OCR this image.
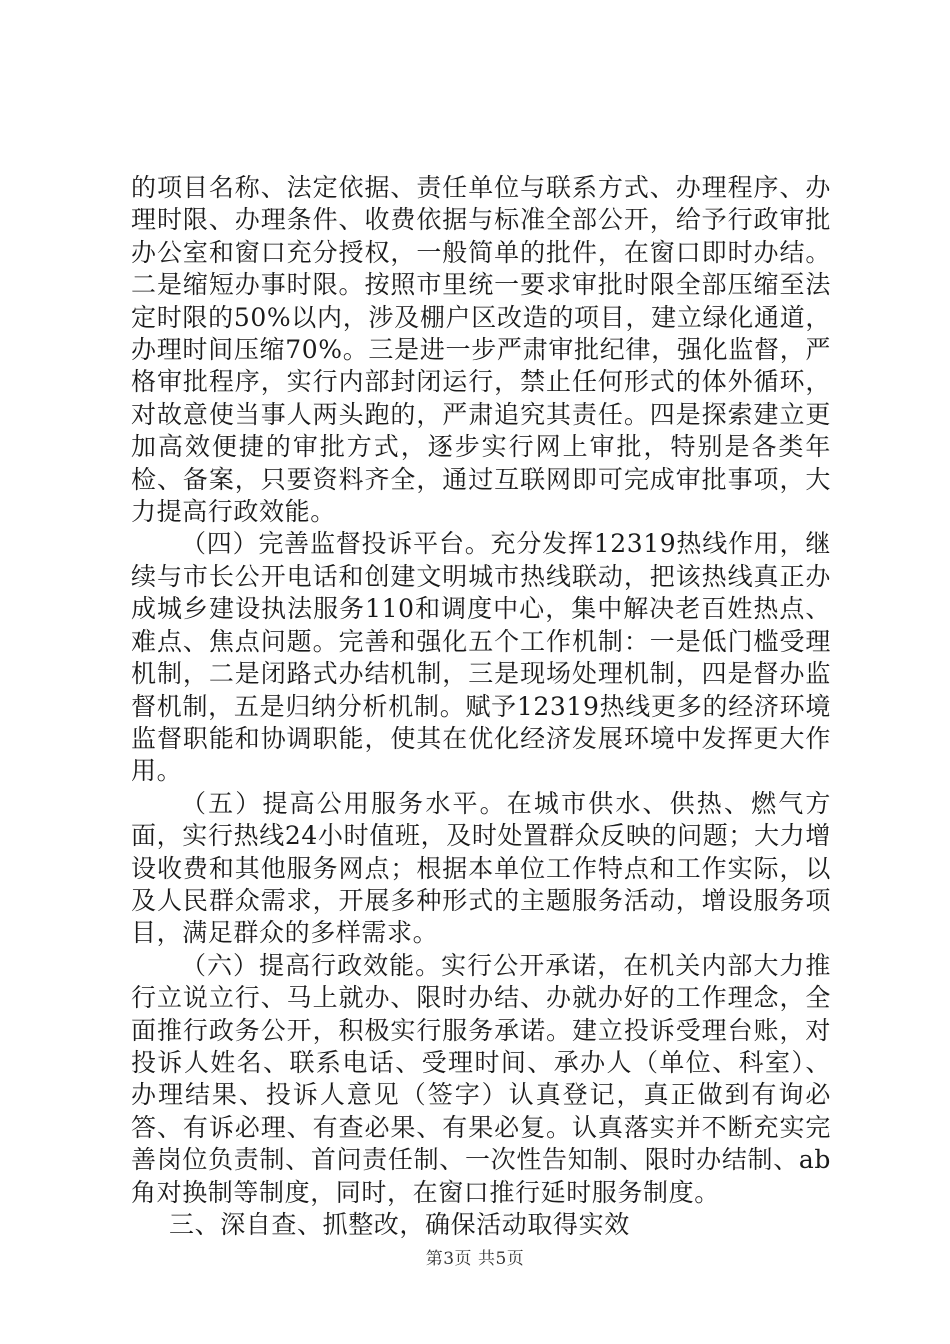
的项目名称、法定依据、责任单位与联系方式、办理程序、办理时限、办理条件、收费依据与标准全部公开，给予行政审批办公室和窗口充分授权，一般简单的批件，在窗口即时办结。二是缩短办事时限。按照市里统一要求审批时限全部压缩至法定时限的50%以内，涉及棚户区改造的项目，建立绿化通道，办理时间压缩70%。三是进一步严肃审批纪律，强化监督，严格审批程序，实行内部封闭运行，禁止任何形式的体外循环，对故意使当事人两头跑的，严肃追究其责任。四是探索建立更加高效便捷的审批方式，逐步实行网上审批，特别是各类年检、备案，只要资料齐全，通过互联网即可完成审批事项，大力提高行政效能。

（四）完善监督投诉平台。充分发挥12319热线作用，继续与市长公开电话和创建文明城市热线联动，把该热线真正办成城乡建设执法服务110和调度中心，集中解决老百姓热点、难点、焦点问题。完善和强化五个工作机制：一是低门槛受理机制，二是闭路式办结机制，三是现场处理机制，四是督办监督机制，五是归纳分析机制。赋予12319热线更多的经济环境监督职能和协调职能，使其在优化经济发展环境中发挥更大作用。

（五）提高公用服务水平。在城市供水、供热、燃气方面，实行热线24小时值班，及时处置群众反映的问题；大力增设收费和其他服务网点；根据本单位工作特点和工作实际，以及人民群众需求，开展多种形式的主题服务活动，增设服务项目，满足群众的多样需求。

（六）提高行政效能。实行公开承诺，在机关内部大力推行立说立行、马上就办、限时办结、办就办好的工作理念，全面推行政务公开，积极实行服务承诺。建立投诉受理台账，对投诉人姓名、联系电话、受理时间、承办人（单位、科室）、办理结果、投诉人意见（签字）认真登记，真正做到有询必答、有诉必理、有查必果、有果必复。认真落实并不断充实完善岗位负责制、首问责任制、一次性告知制、限时办结制、ab角对换制等制度，同时，在窗口推行延时服务制度。

三、深自查、抓整改，确保活动取得实效

第3页 共5页
